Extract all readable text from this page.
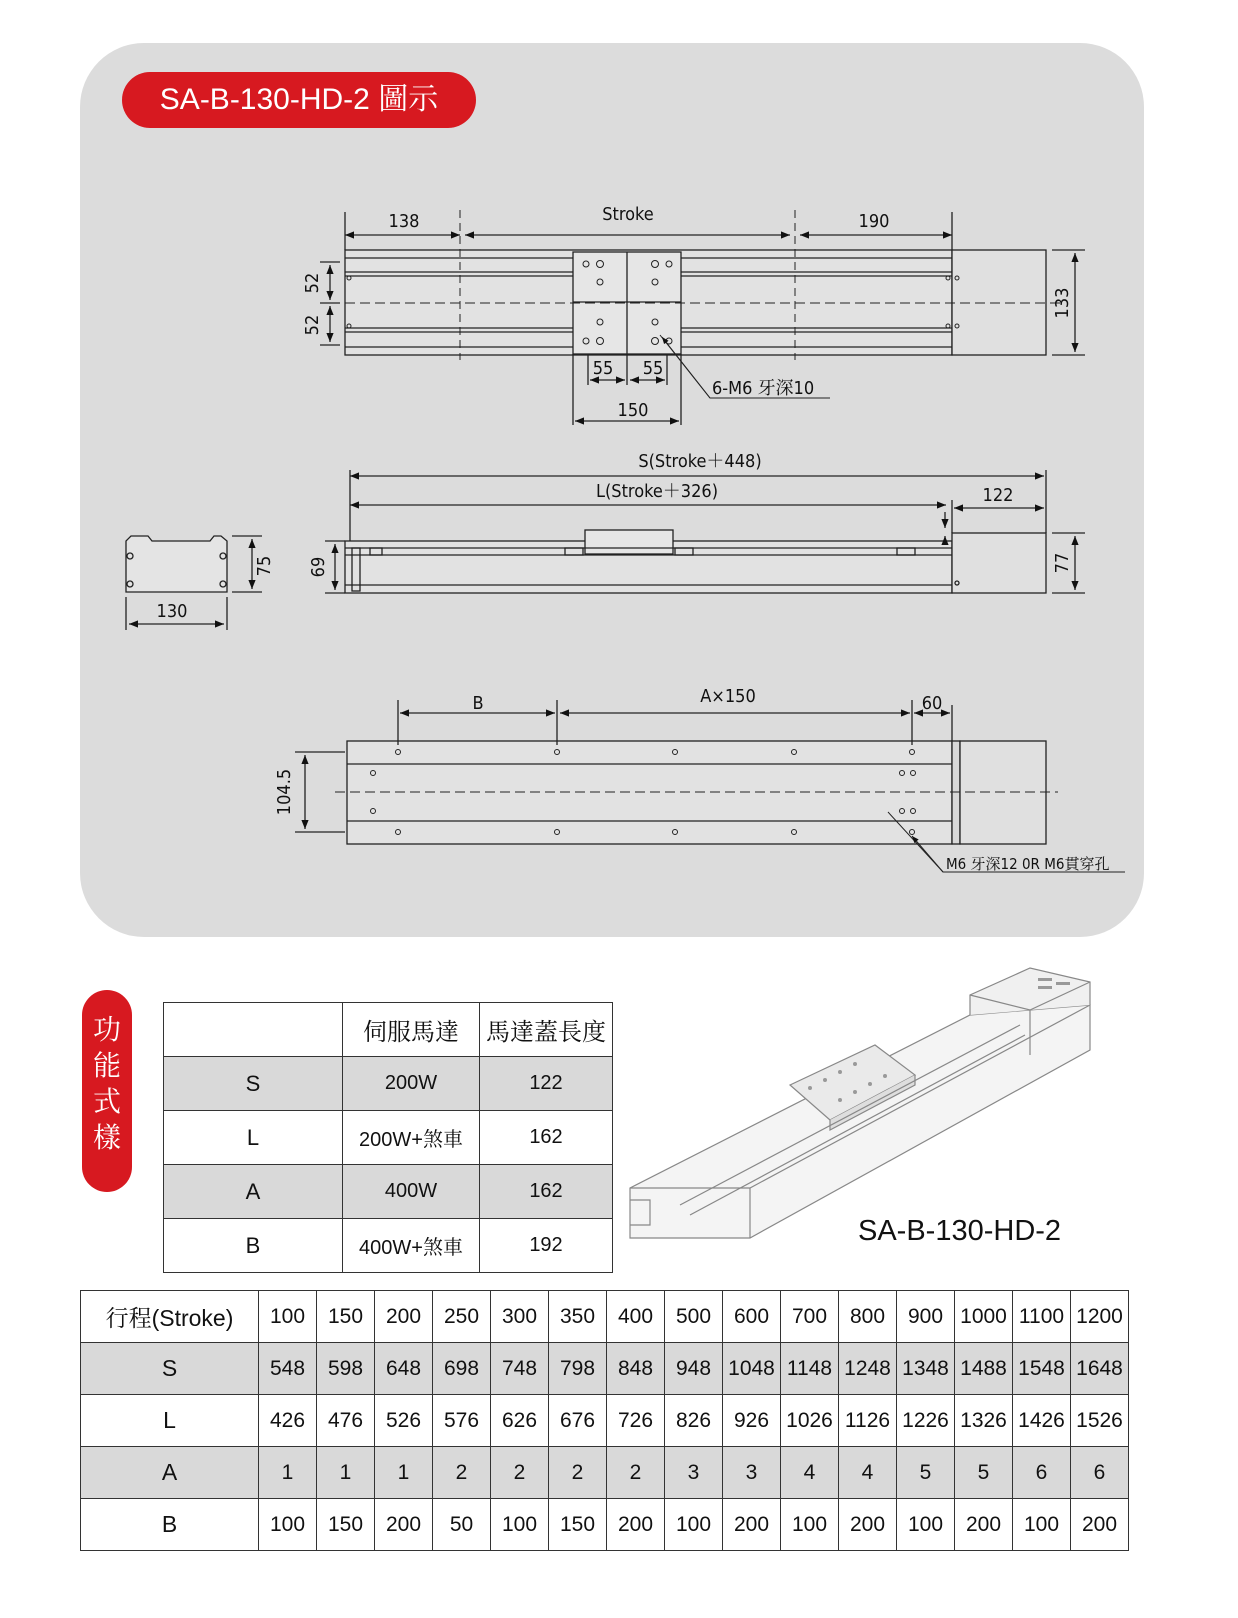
SA-B-130-HD-2 圖示
138	Stroke	190
52
52
133
55 55
150
6-M6 牙深10
S(Stroke＋448)
L(Stroke＋326)	122
69	77
75
130
B	A×150	60
104.5
M6 牙深12 0R M6貫穿孔
功
能
式
樣
	伺服馬達	馬達蓋長度
S	200W	122
L	200W+煞車	162
A	400W	162
B	400W+煞車	192	SA-B-130-HD-2
行程(Stroke)	100	150	200	250	300	350	400	500	600	700	800	900	1000	1100	1200
S	548	598	648	698	748	798	848	948	1048	1148	1248	1348	1488	1548	1648
L	426	476	526	576	626	676	726	826	926	1026	1126	1226	1326	1426	1526
A	1	1	1	2	2	2	2	3	3	4	4	5	5	6	6
B	100	150	200	50	100	150	200	100	200	100	200	100	200	100	200
